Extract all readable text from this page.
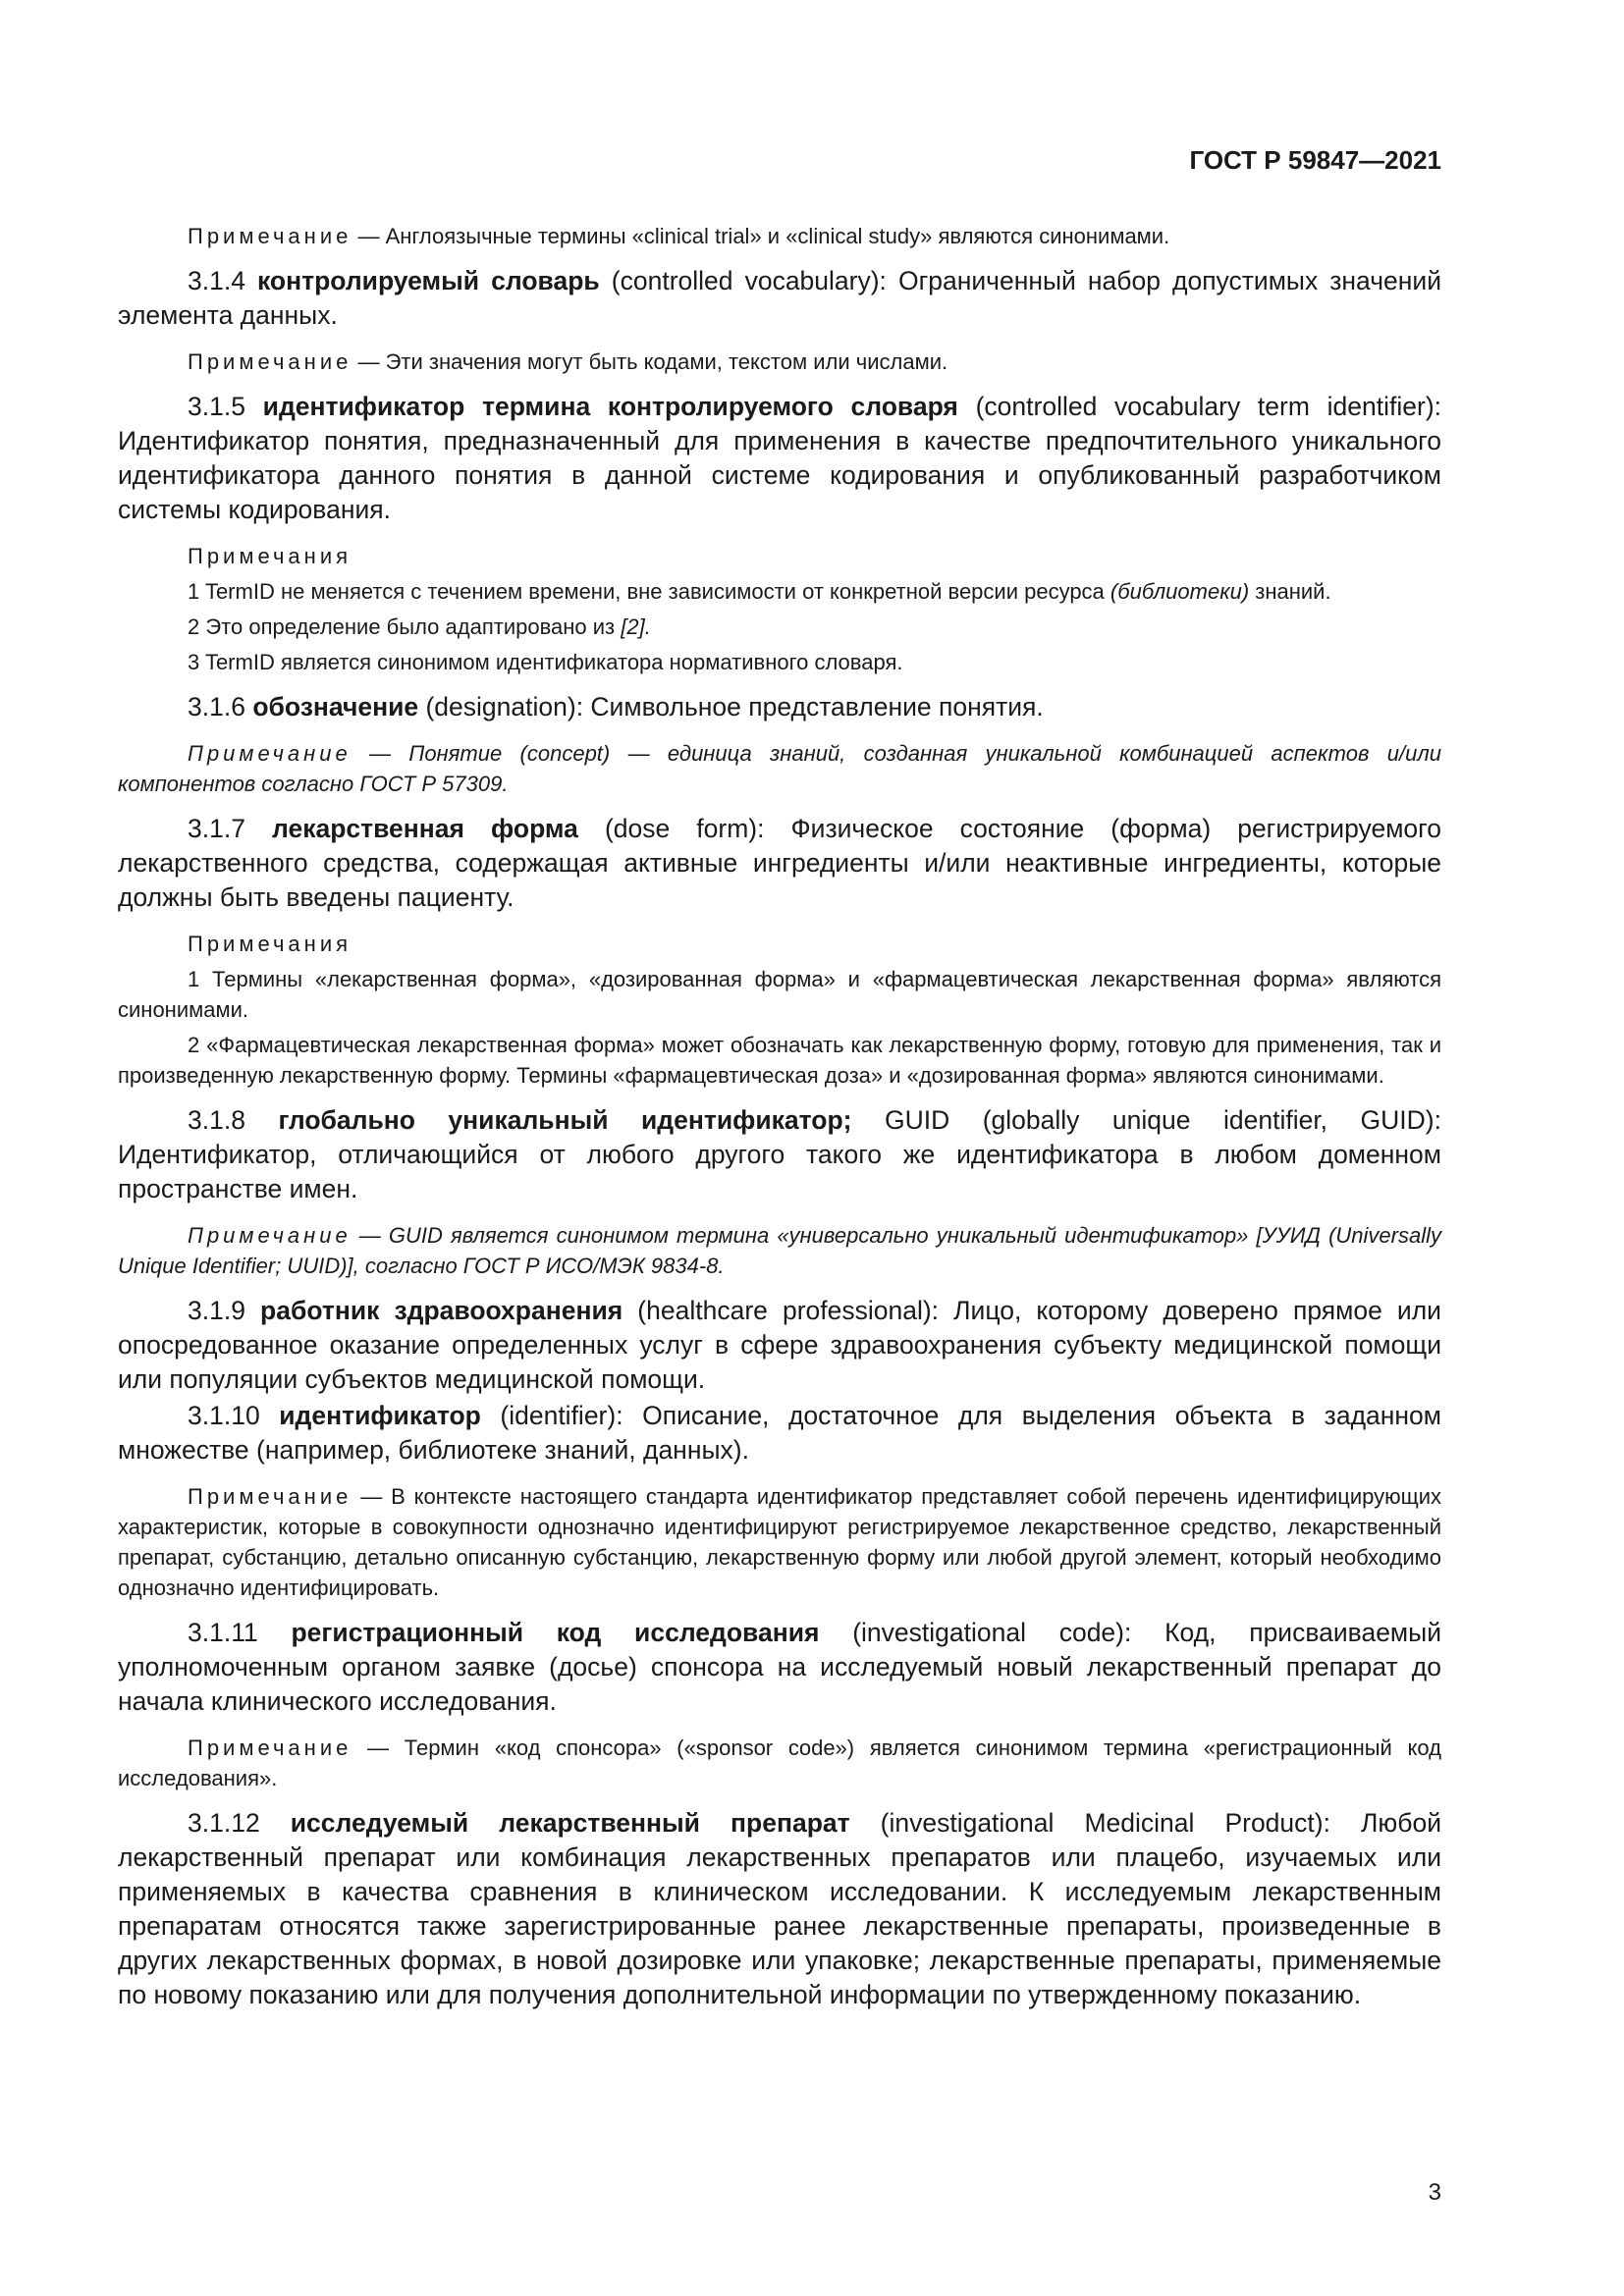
ГОСТ Р 59847—2021

Примечание — Англоязычные термины «clinical trial» и «clinical study» являются синонимами.

3.1.4 контролируемый словарь (controlled vocabulary): Ограниченный набор допустимых значений элемента данных.

Примечание — Эти значения могут быть кодами, текстом или числами.

3.1.5 идентификатор термина контролируемого словаря (controlled vocabulary term identifier): Идентификатор понятия, предназначенный для применения в качестве предпочтительного уникального идентификатора данного понятия в данной системе кодирования и опубликованный разработчиком системы кодирования.

Примечания

1 TermID не меняется с течением времени, вне зависимости от конкретной версии ресурса (библиотеки) знаний.

2 Это определение было адаптировано из [2].

3 TermID является синонимом идентификатора нормативного словаря.

3.1.6 обозначение (designation): Символьное представление понятия.

Примечание — Понятие (concept) — единица знаний, созданная уникальной комбинацией аспектов и/или компонентов согласно ГОСТ Р 57309.

3.1.7 лекарственная форма (dose form): Физическое состояние (форма) регистрируемого лекарственного средства, содержащая активные ингредиенты и/или неактивные ингредиенты, которые должны быть введены пациенту.

Примечания

1 Термины «лекарственная форма», «дозированная форма» и «фармацевтическая лекарственная форма» являются синонимами.

2 «Фармацевтическая лекарственная форма» может обозначать как лекарственную форму, готовую для применения, так и произведенную лекарственную форму. Термины «фармацевтическая доза» и «дозированная форма» являются синонимами.

3.1.8 глобально уникальный идентификатор; GUID (globally unique identifier, GUID): Идентификатор, отличающийся от любого другого такого же идентификатора в любом доменном пространстве имен.

Примечание — GUID является синонимом термина «универсально уникальный идентификатор» [УУИД (Universally Unique Identifier; UUID)], согласно ГОСТ Р ИСО/МЭК 9834-8.

3.1.9 работник здравоохранения (healthcare professional): Лицо, которому доверено прямое или опосредованное оказание определенных услуг в сфере здравоохранения субъекту медицинской помощи или популяции субъектов медицинской помощи.

3.1.10 идентификатор (identifier): Описание, достаточное для выделения объекта в заданном множестве (например, библиотеке знаний, данных).

Примечание — В контексте настоящего стандарта идентификатор представляет собой перечень идентифицирующих характеристик, которые в совокупности однозначно идентифицируют регистрируемое лекарственное средство, лекарственный препарат, субстанцию, детально описанную субстанцию, лекарственную форму или любой другой элемент, который необходимо однозначно идентифицировать.

3.1.11 регистрационный код исследования (investigational code): Код, присваиваемый уполномоченным органом заявке (досье) спонсора на исследуемый новый лекарственный препарат до начала клинического исследования.

Примечание — Термин «код спонсора» («sponsor code») является синонимом термина «регистрационный код исследования».

3.1.12 исследуемый лекарственный препарат (investigational Medicinal Product): Любой лекарственный препарат или комбинация лекарственных препаратов или плацебо, изучаемых или применяемых в качества сравнения в клиническом исследовании. К исследуемым лекарственным препаратам относятся также зарегистрированные ранее лекарственные препараты, произведенные в других лекарственных формах, в новой дозировке или упаковке; лекарственные препараты, применяемые по новому показанию или для получения дополнительной информации по утвержденному показанию.

3
